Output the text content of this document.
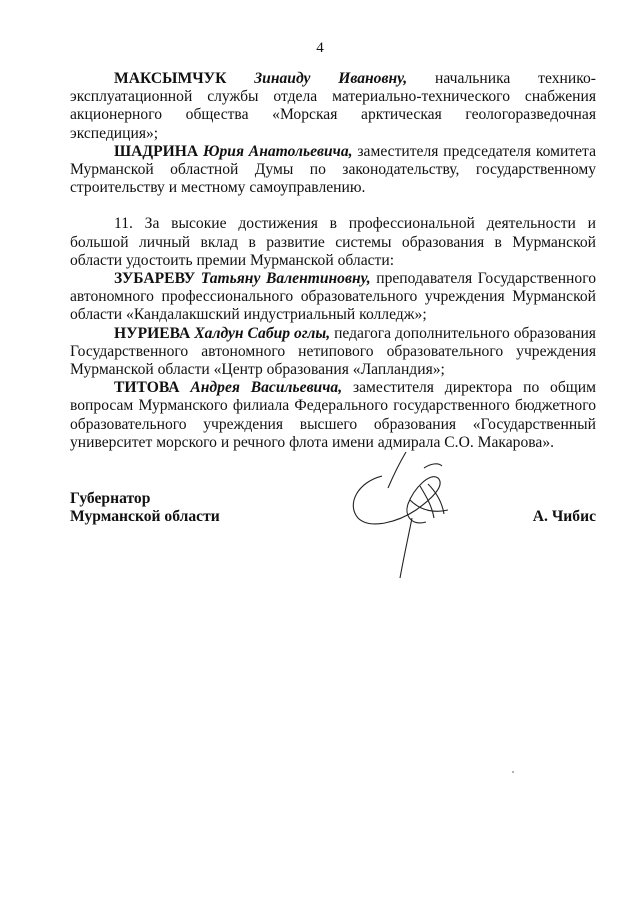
4

МАКСЫМЧУК Зинаиду Ивановну, начальника технико-эксплуатационной службы отдела материально-технического снабжения акционерного общества «Морская арктическая геологоразведочная экспедиция»;

ШАДРИНА Юрия Анатольевича, заместителя председателя комитета Мурманской областной Думы по законодательству, государственному строительству и местному самоуправлению.

11. За высокие достижения в профессиональной деятельности и большой личный вклад в развитие системы образования в Мурманской области удостоить премии Мурманской области:

ЗУБАРЕВУ Татьяну Валентиновну, преподавателя Государственного автономного профессионального образовательного учреждения Мурманской области «Кандалакшский индустриальный колледж»;

НУРИЕВА Халдун Сабир оглы, педагога дополнительного образования Государственного автономного нетипового образовательного учреждения Мурманской области «Центр образования «Лапландия»;

ТИТОВА Андрея Васильевича, заместителя директора по общим вопросам Мурманского филиала Федерального государственного бюджетного образовательного учреждения высшего образования «Государственный университет морского и речного флота имени адмирала С.О. Макарова».

Губернатор
Мурманской области	А. Чибис
